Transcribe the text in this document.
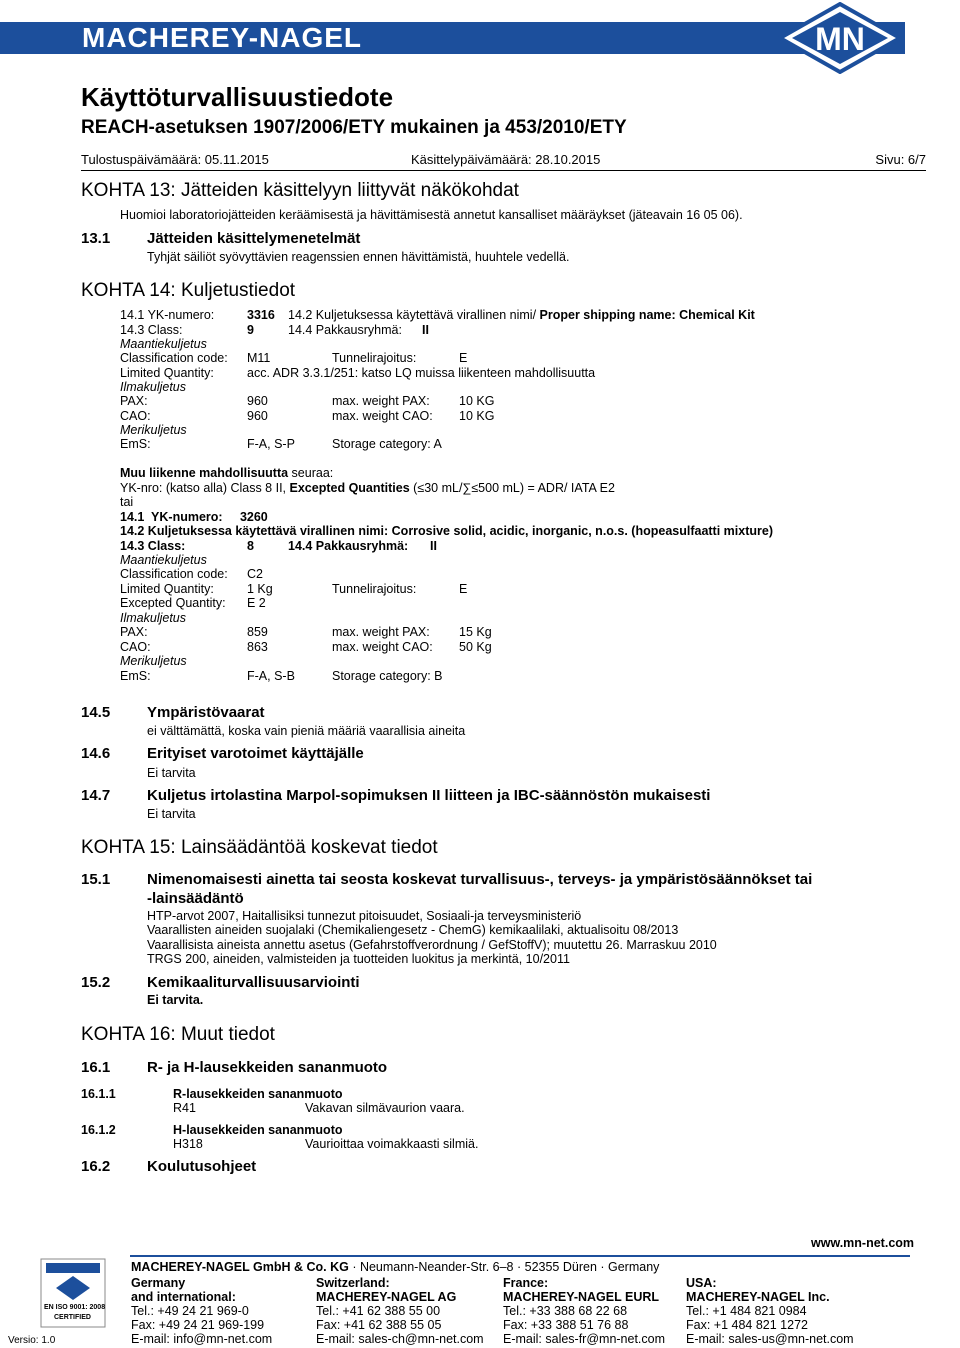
MACHEREY-NAGEL	MN
Käyttöturvallisuustiedote
REACH-asetuksen 1907/2006/ETY mukainen ja 453/2010/ETY
Tulostuspäivämäärä: 05.11.2015	Käsittelypäivämäärä: 28.10.2015	Sivu: 6/7
KOHTA 13: Jätteiden käsittelyyn liittyvät näkökohdat
Huomioi laboratoriojätteiden keräämisestä ja hävittämisestä annetut kansalliset määräykset (jäteavain 16 05 06).
13.1 Jätteiden käsittelymenetelmät
Tyhjät säiliöt syövyttävien reagenssien ennen hävittämistä, huuhtele vedellä.
KOHTA 14: Kuljetustiedot
14.1 YK-numero:	3316 14.2 Kuljetuksessa käytettävä virallinen nimi/ Proper shipping name: Chemical Kit
14.3 Class:	9	14.4 Pakkausryhmä: II
Maantiekuljetus
Classification code: M11	Tunnelirajoitus:	E
Limited Quantity:	acc. ADR 3.3.1/251: katso LQ muissa liikenteen mahdollisuutta
Ilmakuljetus
PAX:	960	max. weight PAX: 10 KG
CAO:	960	max. weight CAO: 10 KG
Merikuljetus
EmS:	F-A, S-P	Storage category: A
Muu liikenne mahdollisuutta seuraa:
YK-nro: (katso alla) Class 8 II, Excepted Quantities (≤30 mL/∑≤500 mL) = ADR/ IATA E2
tai
14.1  YK-numero:     3260
14.2 Kuljetuksessa käytettävä virallinen nimi: Corrosive solid, acidic, inorganic, n.o.s. (hopeasulfaatti mixture)
14.3 Class:	8	14.4 Pakkausryhmä: II
Maantiekuljetus
Classification code: C2
Limited Quantity:	1 Kg	Tunnelirajoitus:	E
Excepted Quantity: E 2
Ilmakuljetus
PAX:	859	max. weight PAX: 15 Kg
CAO:	863	max. weight CAO: 50 Kg
Merikuljetus
EmS:	F-A, S-B	Storage category: B
14.5 Ympäristövaarat
ei välttämättä, koska vain pieniä määriä vaarallisia aineita
14.6 Erityiset varotoimet käyttäjälle
Ei tarvita
14.7 Kuljetus irtolastina Marpol-sopimuksen II liitteen ja IBC-säännöstön mukaisesti
Ei tarvita
KOHTA 15: Lainsäädäntöä koskevat tiedot
15.1 Nimenomaisesti ainetta tai seosta koskevat turvallisuus-, terveys- ja ympäristösäännökset tai
-lainsäädäntö
HTP-arvot 2007, Haitallisiksi tunnezut pitoisuudet, Sosiaali-ja terveysministeriö
Vaarallisten aineiden suojalaki (Chemikaliengesetz - ChemG) kemikaalilaki, aktualisoitu 08/2013
Vaarallisista aineista annettu asetus (Gefahrstoffverordnung / GefStoffV); muutettu 26. Marraskuu 2010
TRGS 200, aineiden, valmisteiden ja tuotteiden luokitus ja merkintä, 10/2011
15.2 Kemikaaliturvallisuusarviointi
Ei tarvita.
KOHTA 16: Muut tiedot
16.1 R- ja H-lausekkeiden sananmuoto
16.1.1	R-lausekkeiden sananmuoto
R41	Vakavan silmävaurion vaara.
16.1.2	H-lausekkeiden sananmuoto
H318	Vaurioittaa voimakkaasti silmiä.
16.2 Koulutusohjeet
www.mn-net.com
EN ISO 9001: 2008
CERTIFIED
Versio: 1.0
MACHEREY-NAGEL GmbH & Co. KG · Neumann-Neander-Str. 6–8 · 52355 Düren · Germany
Germany
and international:
Tel.: +49 24 21 969-0
Fax: +49 24 21 969-199
E-mail: info@mn-net.com
Switzerland:
MACHEREY-NAGEL AG
Tel.: +41 62 388 55 00
Fax: +41 62 388 55 05
E-mail: sales-ch@mn-net.com
France:
MACHEREY-NAGEL EURL
Tel.: +33 388 68 22 68
Fax: +33 388 51 76 88
E-mail: sales-fr@mn-net.com
USA:
MACHEREY-NAGEL Inc.
Tel.: +1 484 821 0984
Fax: +1 484 821 1272
E-mail: sales-us@mn-net.com
